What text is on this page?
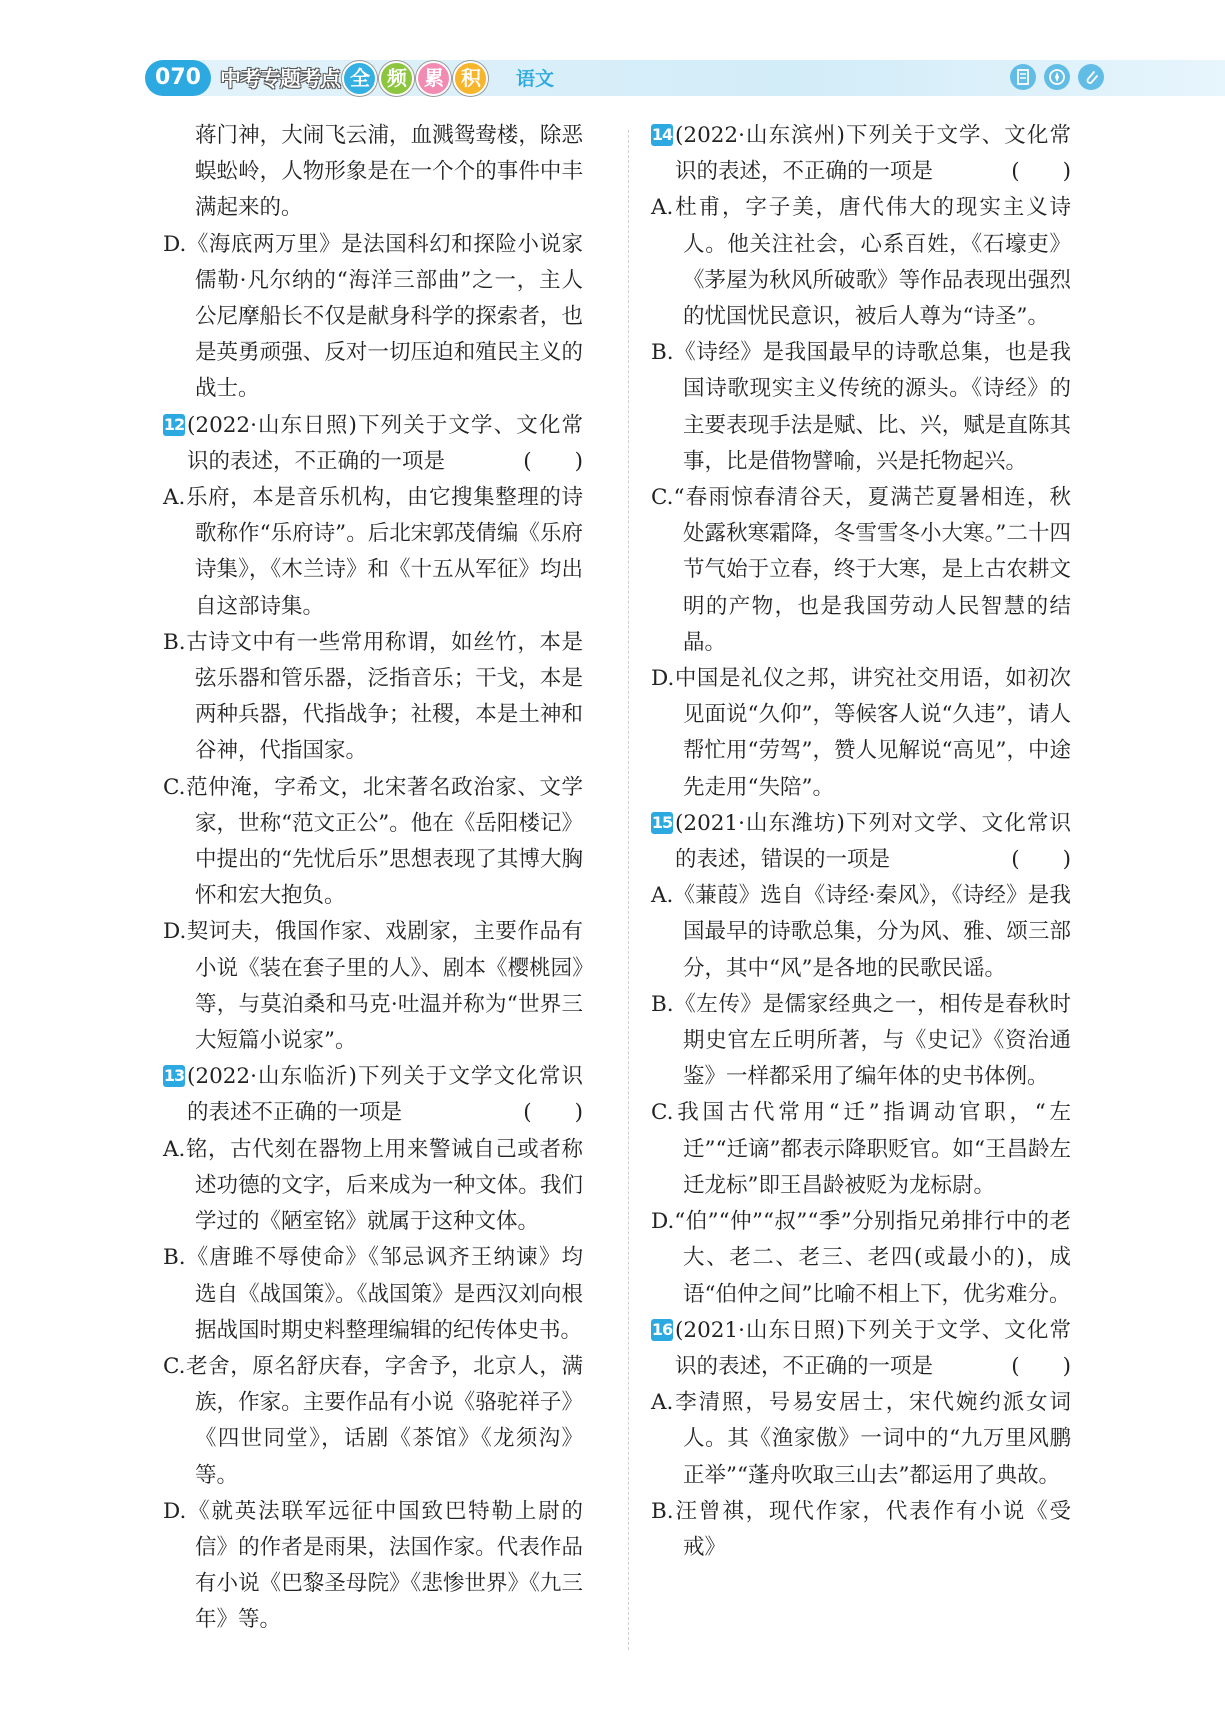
070 中考专题考点 全 频 累 积	语文
蒋门神，大闹飞云浦，血溅鸳鸯楼，除恶蜈蚣岭，人物形象是在一个个的事件中丰满起来的。
D.《海底两万里》是法国科幻和探险小说家儒勒·凡尔纳的“海洋三部曲”之一，主人公尼摩船长不仅是献身科学的探索者，也是英勇顽强、反对一切压迫和殖民主义的战士。
12 (2022·山东日照)下列关于文学、文化常识的表述，不正确的一项是	(　　)
A.乐府，本是音乐机构，由它搜集整理的诗歌称作“乐府诗”。后北宋郭茂倩编《乐府诗集》，《木兰诗》和《十五从军征》均出自这部诗集。
B.古诗文中有一些常用称谓，如丝竹，本是弦乐器和管乐器，泛指音乐；干戈，本是两种兵器，代指战争；社稷，本是土神和谷神，代指国家。
C.范仲淹，字希文，北宋著名政治家、文学家，世称“范文正公”。他在《岳阳楼记》中提出的“先忧后乐”思想表现了其博大胸怀和宏大抱负。
D.契诃夫，俄国作家、戏剧家，主要作品有小说《装在套子里的人》、剧本《樱桃园》等，与莫泊桑和马克·吐温并称为“世界三大短篇小说家”。
13 (2022·山东临沂)下列关于文学文化常识的表述不正确的一项是	(　　)
A.铭，古代刻在器物上用来警诫自己或者称述功德的文字，后来成为一种文体。我们学过的《陋室铭》就属于这种文体。
B.《唐雎不辱使命》《邹忌讽齐王纳谏》均选自《战国策》。《战国策》是西汉刘向根据战国时期史料整理编辑的纪传体史书。
C.老舍，原名舒庆春，字舍予，北京人，满族，作家。主要作品有小说《骆驼祥子》《四世同堂》，话剧《茶馆》《龙须沟》等。
D.《就英法联军远征中国致巴特勒上尉的信》的作者是雨果，法国作家。代表作品有小说《巴黎圣母院》《悲惨世界》《九三年》等。
14 (2022·山东滨州)下列关于文学、文化常识的表述，不正确的一项是	(　　)
A.杜甫，字子美，唐代伟大的现实主义诗人。他关注社会，心系百姓，《石壕吏》《茅屋为秋风所破歌》等作品表现出强烈的忧国忧民意识，被后人尊为“诗圣”。
B.《诗经》是我国最早的诗歌总集，也是我国诗歌现实主义传统的源头。《诗经》的主要表现手法是赋、比、兴，赋是直陈其事，比是借物譬喻，兴是托物起兴。
C.“春雨惊春清谷天，夏满芒夏暑相连，秋处露秋寒霜降，冬雪雪冬小大寒。”二十四节气始于立春，终于大寒，是上古农耕文明的产物，也是我国劳动人民智慧的结晶。
D.中国是礼仪之邦，讲究社交用语，如初次见面说“久仰”，等候客人说“久违”，请人帮忙用“劳驾”，赞人见解说“高见”，中途先走用“失陪”。
15 (2021·山东潍坊)下列对文学、文化常识的表述，错误的一项是	(　　)
A.《蒹葭》选自《诗经·秦风》，《诗经》是我国最早的诗歌总集，分为风、雅、颂三部分，其中“风”是各地的民歌民谣。
B.《左传》是儒家经典之一，相传是春秋时期史官左丘明所著，与《史记》《资治通鉴》一样都采用了编年体的史书体例。
C.我国古代常用“迁”指调动官职，“左迁”“迁谪”都表示降职贬官。如“王昌龄左迁龙标”即王昌龄被贬为龙标尉。
D.“伯”“仲”“叔”“季”分别指兄弟排行中的老大、老二、老三、老四(或最小的)，成语“伯仲之间”比喻不相上下，优劣难分。
16 (2021·山东日照)下列关于文学、文化常识的表述，不正确的一项是	(　　)
A.李清照，号易安居士，宋代婉约派女词人。其《渔家傲》一词中的“九万里风鹏正举”“蓬舟吹取三山去”都运用了典故。
B.汪曾祺，现代作家，代表作有小说《受戒》
